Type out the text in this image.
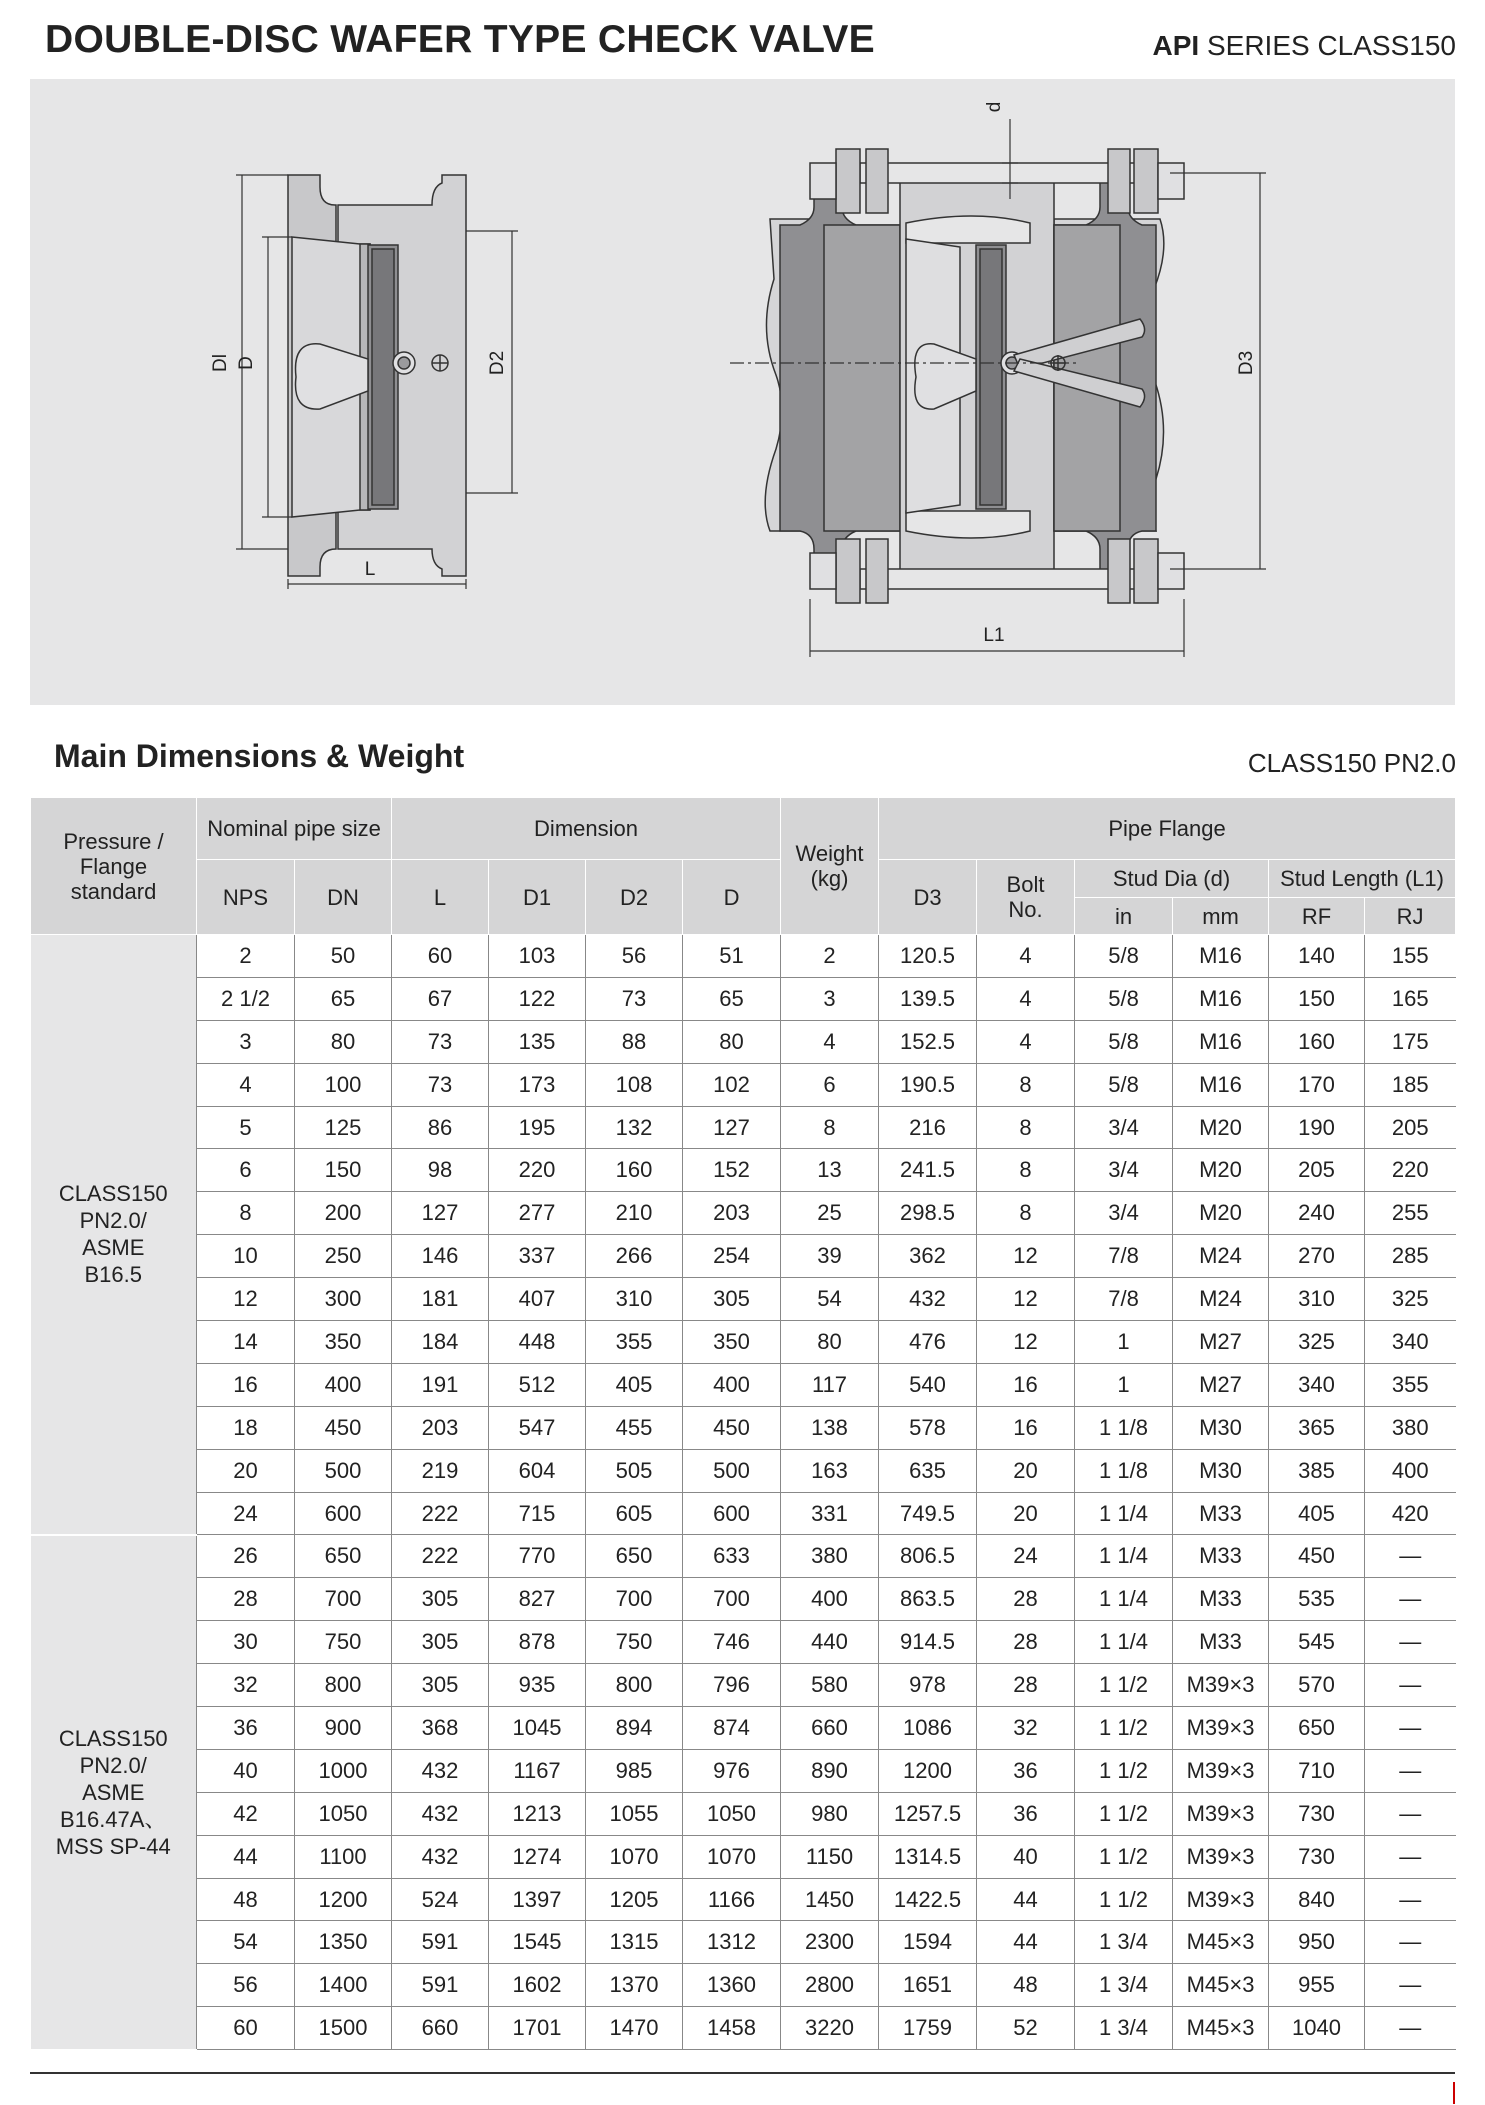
DOUBLE-DISC WAFER TYPE CHECK VALVE	API SERIES CLASS150
Dl D	D2
L
D3
L1
d
Main Dimensions & Weight	CLASS150 PN2.0
Pressure / Flange standard	Nominal pipe size		Dimension				Weight (kg)	Pipe Flange					
	NPS	DN	L	D1	D2	D		D3	Bolt No.	Stud Dia (d)		Stud Length (L1)	
										in	mm	RF	RJ

CLASS150
PN2.0/
ASME
B16.5	2	50	60	103	56	51	2	120.5	4	5/8	M16	140	155
	2 1/2	65	67	122	73	65	3	139.5	4	5/8	M16	150	165
	3	80	73	135	88	80	4	152.5	4	5/8	M16	160	175
	4	100	73	173	108	102	6	190.5	8	5/8	M16	170	185
	5	125	86	195	132	127	8	216	8	3/4	M20	190	205
	6	150	98	220	160	152	13	241.5	8	3/4	M20	205	220
	8	200	127	277	210	203	25	298.5	8	3/4	M20	240	255
	10	250	146	337	266	254	39	362	12	7/8	M24	270	285
	12	300	181	407	310	305	54	432	12	7/8	M24	310	325
	14	350	184	448	355	350	80	476	12	1	M27	325	340
	16	400	191	512	405	400	117	540	16	1	M27	340	355
	18	450	203	547	455	450	138	578	16	1 1/8	M30	365	380
	20	500	219	604	505	500	163	635	20	1 1/8	M30	385	400
	24	600	222	715	605	600	331	749.5	20	1 1/4	M33	405	420

CLASS150
PN2.0/
ASME
B16.47A、
MSS SP-44	26	650	222	770	650	633	380	806.5	24	1 1/4	M33	450	—
	28	700	305	827	700	700	400	863.5	28	1 1/4	M33	535	—
	30	750	305	878	750	746	440	914.5	28	1 1/4	M33	545	—
	32	800	305	935	800	796	580	978	28	1 1/2	M39×3	570	—
	36	900	368	1045	894	874	660	1086	32	1 1/2	M39×3	650	—
	40	1000	432	1167	985	976	890	1200	36	1 1/2	M39×3	710	—
	42	1050	432	1213	1055	1050	980	1257.5	36	1 1/2	M39×3	730	—
	44	1100	432	1274	1070	1070	1150	1314.5	40	1 1/2	M39×3	730	—
	48	1200	524	1397	1205	1166	1450	1422.5	44	1 1/2	M39×3	840	—
	54	1350	591	1545	1315	1312	2300	1594	44	1 3/4	M45×3	950	—
	56	1400	591	1602	1370	1360	2800	1651	48	1 3/4	M45×3	955	—
	60	1500	660	1701	1470	1458	3220	1759	52	1 3/4	M45×3	1040	—
